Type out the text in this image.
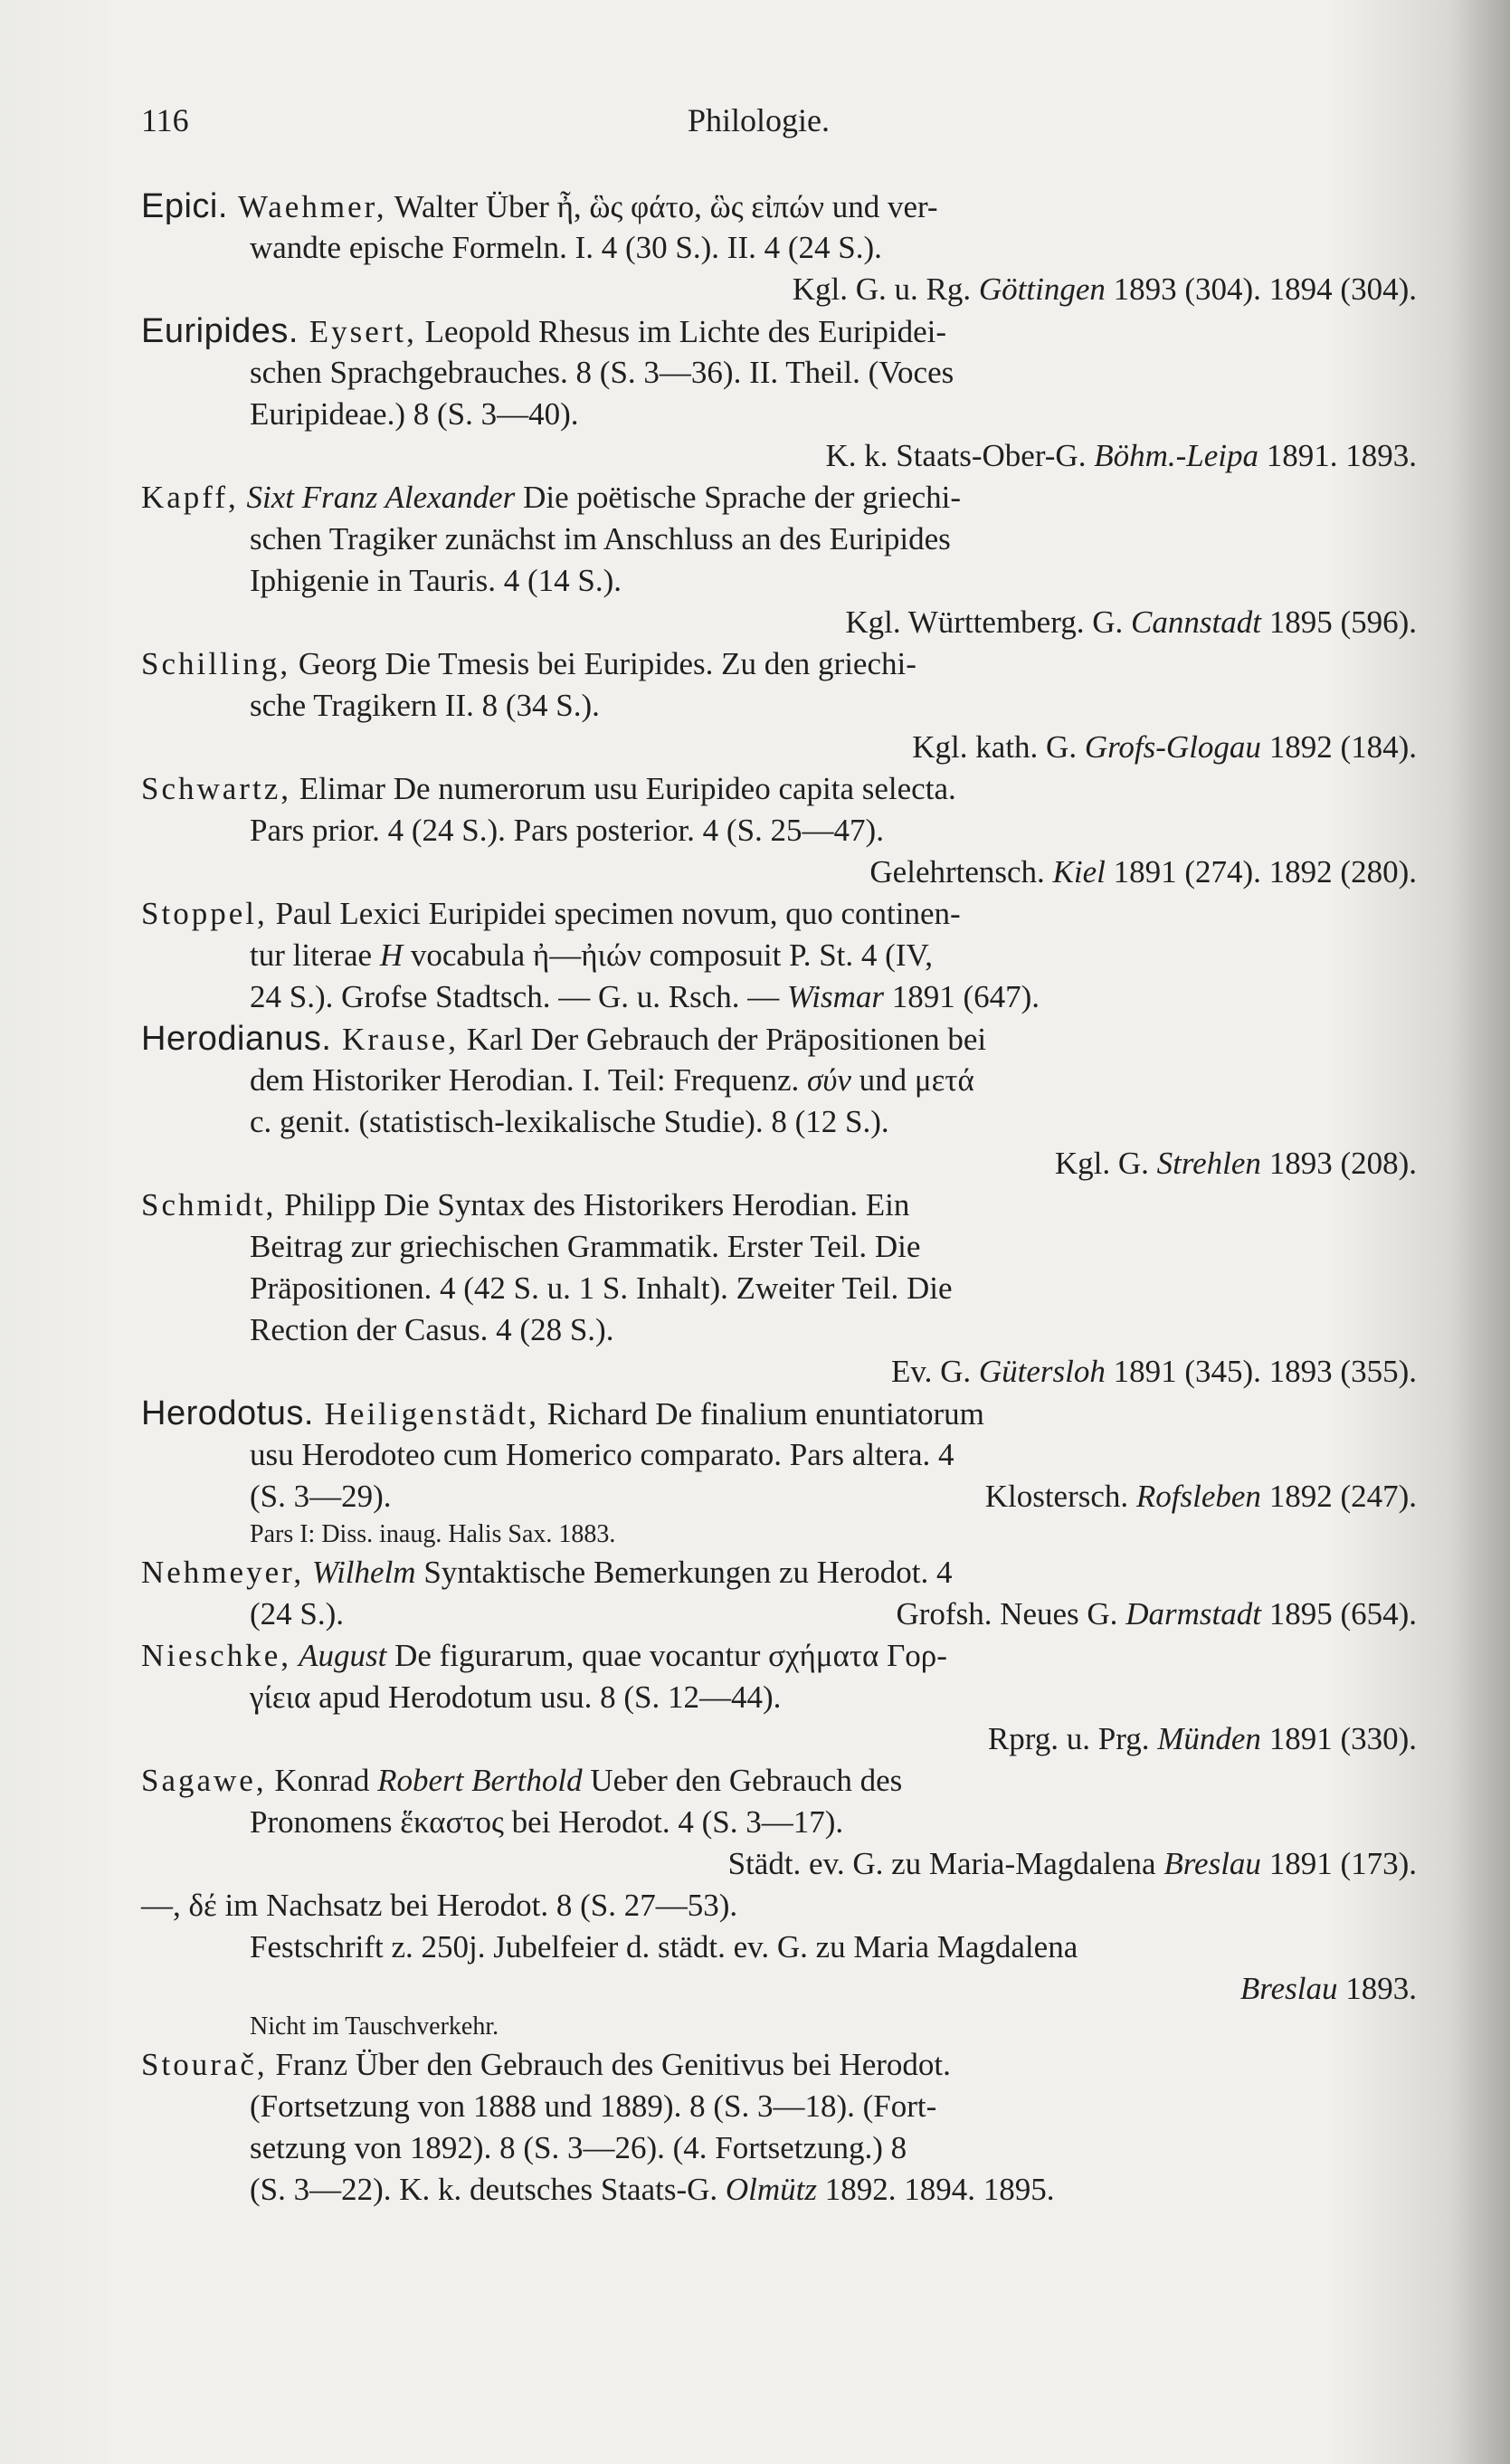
116	Philologie.
Epici. Waehmer, Walter Über ἦ, ὣς φάτο, ὣς εἰπών und ver-
wandte epische Formeln. I. 4 (30 S.). II. 4 (24 S.).
Kgl. G. u. Rg. Göttingen 1893 (304). 1894 (304).
Euripides. Eysert, Leopold Rhesus im Lichte des Euripidei-
schen Sprachgebrauches. 8 (S. 3—36). II. Theil. (Voces
Euripideae.) 8 (S. 3—40).
K. k. Staats-Ober-G. Böhm.-Leipa 1891. 1893.
Kapff, Sixt Franz Alexander Die poëtische Sprache der griechi-
schen Tragiker zunächst im Anschluss an des Euripides
Iphigenie in Tauris. 4 (14 S.).
Kgl. Württemberg. G. Cannstadt 1895 (596).
Schilling, Georg Die Tmesis bei Euripides. Zu den griechi-
sche Tragikern II. 8 (34 S.).
Kgl. kath. G. Grofs-Glogau 1892 (184).
Schwartz, Elimar De numerorum usu Euripideo capita selecta.
Pars prior. 4 (24 S.). Pars posterior. 4 (S. 25—47).
Gelehrtensch. Kiel 1891 (274). 1892 (280).
Stoppel, Paul Lexici Euripidei specimen novum, quo continen-
tur literae H vocabula ἠ—ἠιών composuit P. St. 4 (IV,
24 S.). Grofse Stadtsch. — G. u. Rsch. — Wismar 1891 (647).
Herodianus. Krause, Karl Der Gebrauch der Präpositionen bei
dem Historiker Herodian. I. Teil: Frequenz. σύν und μετά
c. genit. (statistisch-lexikalische Studie). 8 (12 S.).
Kgl. G. Strehlen 1893 (208).
Schmidt, Philipp Die Syntax des Historikers Herodian. Ein
Beitrag zur griechischen Grammatik. Erster Teil. Die
Präpositionen. 4 (42 S. u. 1 S. Inhalt). Zweiter Teil. Die
Rection der Casus. 4 (28 S.).
Ev. G. Gütersloh 1891 (345). 1893 (355).
Herodotus. Heiligenstädt, Richard De finalium enuntiatorum
usu Herodoteo cum Homerico comparato. Pars altera. 4
(S. 3—29).	Klostersch. Rofsleben 1892 (247).
Pars I: Diss. inaug. Halis Sax. 1883.
Nehmeyer, Wilhelm Syntaktische Bemerkungen zu Herodot. 4
(24 S.).	Grofsh. Neues G. Darmstadt 1895 (654).
Nieschke, August De figurarum, quae vocantur σχήματα Γορ-
γίεια apud Herodotum usu. 8 (S. 12—44).
Rprg. u. Prg. Münden 1891 (330).
Sagawe, Konrad Robert Berthold Ueber den Gebrauch des
Pronomens ἕκαστος bei Herodot. 4 (S. 3—17).
Städt. ev. G. zu Maria-Magdalena Breslau 1891 (173).
—, δέ im Nachsatz bei Herodot. 8 (S. 27—53).
Festschrift z. 250j. Jubelfeier d. städt. ev. G. zu Maria Magdalena
Breslau 1893.
Nicht im Tauschverkehr.
Stourač, Franz Über den Gebrauch des Genitivus bei Herodot.
(Fortsetzung von 1888 und 1889). 8 (S. 3—18). (Fort-
setzung von 1892). 8 (S. 3—26). (4. Fortsetzung.) 8
(S. 3—22). K. k. deutsches Staats-G. Olmütz 1892. 1894. 1895.
